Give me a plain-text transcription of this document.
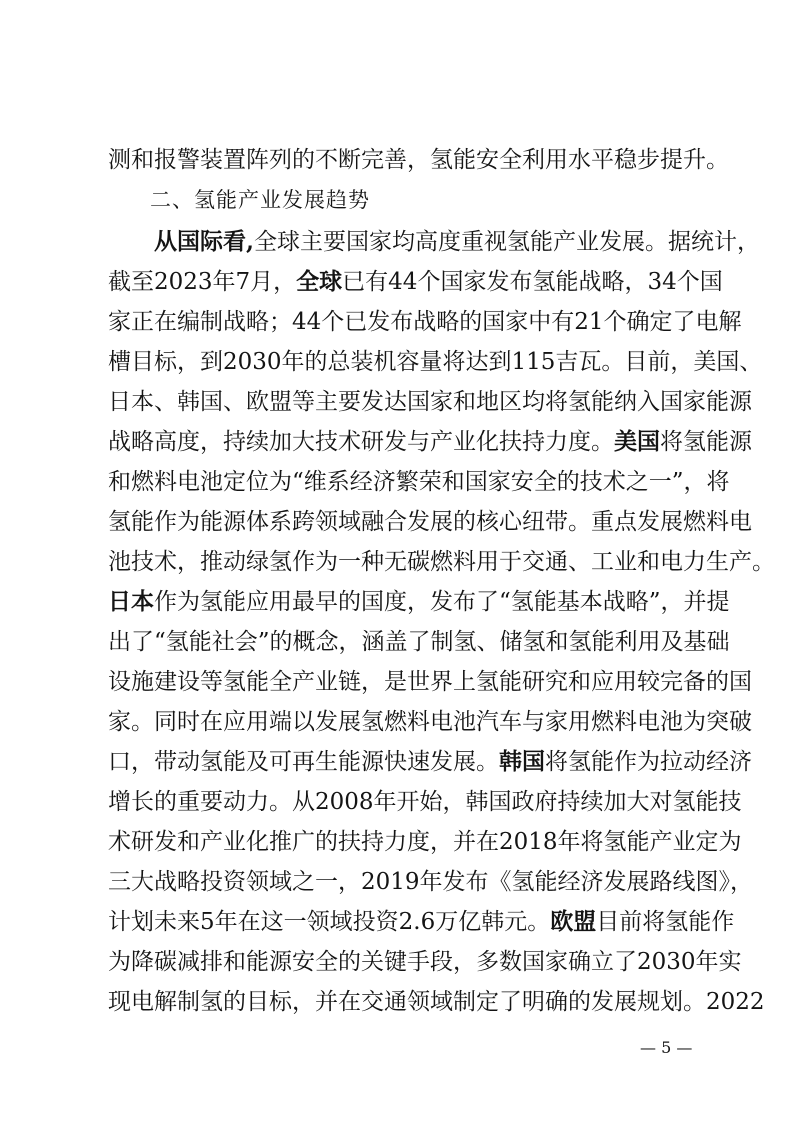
测和报警装置阵列的不断完善，氢能安全利用水平稳步提升。
二、氢能产业发展趋势
从国际看,全球主要国家均高度重视氢能产业发展。据统计，
截至2023年7月，全球已有44个国家发布氢能战略，34个国
家正在编制战略；44个已发布战略的国家中有21个确定了电解
槽目标，到2030年的总装机容量将达到115吉瓦。目前，美国、
日本、韩国、欧盟等主要发达国家和地区均将氢能纳入国家能源
战略高度，持续加大技术研发与产业化扶持力度。美国将氢能源
和燃料电池定位为“维系经济繁荣和国家安全的技术之一”，将
氢能作为能源体系跨领域融合发展的核心纽带。重点发展燃料电
池技术，推动绿氢作为一种无碳燃料用于交通、工业和电力生产。
日本作为氢能应用最早的国度，发布了“氢能基本战略”，并提
出了“氢能社会”的概念，涵盖了制氢、储氢和氢能利用及基础
设施建设等氢能全产业链，是世界上氢能研究和应用较完备的国
家。同时在应用端以发展氢燃料电池汽车与家用燃料电池为突破
口，带动氢能及可再生能源快速发展。韩国将氢能作为拉动经济
增长的重要动力。从2008年开始，韩国政府持续加大对氢能技
术研发和产业化推广的扶持力度，并在2018年将氢能产业定为
三大战略投资领域之一，2019年发布《氢能经济发展路线图》，
计划未来5年在这一领域投资2.6万亿韩元。欧盟目前将氢能作
为降碳减排和能源安全的关键手段，多数国家确立了2030年实
现电解制氢的目标，并在交通领域制定了明确的发展规划。2022
— 5 —
